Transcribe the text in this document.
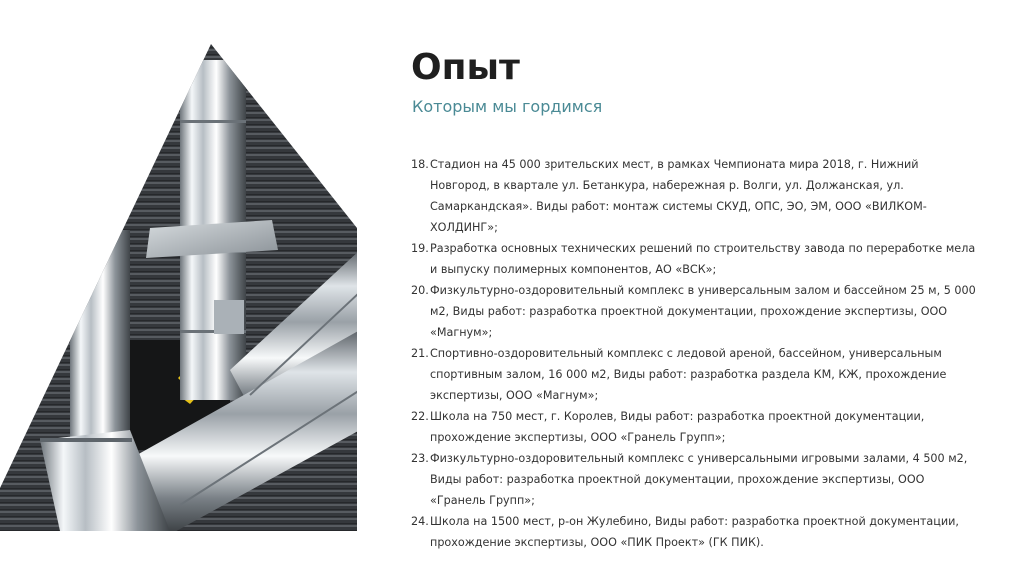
Опыт
Которым мы гордимся
18. Стадион на 45 000 зрительских мест, в рамках Чемпионата мира 2018, г. Нижний Новгород, в квартале ул. Бетанкура, набережная р. Волги, ул. Должанская, ул. Самаркандская». Виды работ: монтаж системы СКУД, ОПС, ЭО, ЭМ, ООО «ВИЛКОМ-ХОЛДИНГ»;
19. Разработка основных технических решений по строительству завода по переработке мела и выпуску полимерных компонентов, АО «ВСК»;
20. Физкультурно-оздоровительный комплекс в универсальным залом и бассейном 25 м, 5 000 м2, Виды работ: разработка проектной документации, прохождение экспертизы, ООО «Магнум»;
21. Спортивно-оздоровительный комплекс с ледовой ареной, бассейном, универсальным спортивным залом, 16 000 м2, Виды работ: разработка раздела КМ, КЖ, прохождение экспертизы, ООО «Магнум»;
22. Школа на 750 мест, г. Королев, Виды работ: разработка проектной документации, прохождение экспертизы, ООО «Гранель Групп»;
23. Физкультурно-оздоровительный комплекс с универсальными игровыми залами, 4 500 м2, Виды работ: разработка проектной документации, прохождение экспертизы, ООО «Гранель Групп»;
24. Школа на 1500 мест, р-он Жулебино, Виды работ: разработка проектной документации, прохождение экспертизы, ООО «ПИК Проект» (ГК ПИК).
